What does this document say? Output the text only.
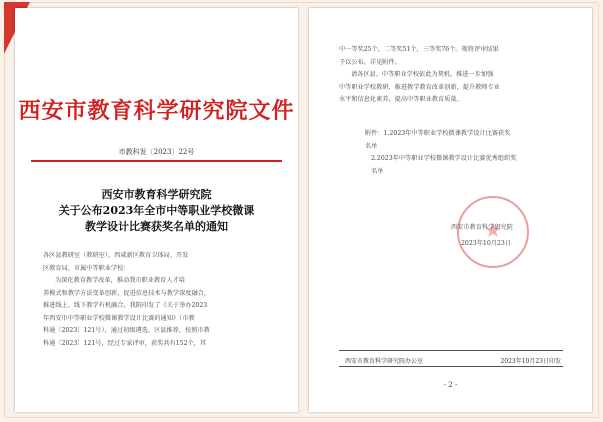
西安市教育科学研究院文件
市教科发〔2023〕22号
西安市教育科学研究院
关于公布2023年全市中等职业学校微课
教学设计比赛获奖名单的通知
各区县教研室（教研室），西咸新区教育卫体局、开发
区教育局、市属中等职业学校：
为深化教育教学改革，推动我市职业教育人才培
养模式和教学方法变革创新，促进信息技术与教学深度融合，
推进线上、线下教学有机融合，我院印发了《关于举办2023
年西安市中等职业学校微课教学设计比赛的通知》（市教
科通〔2023〕121号），通过初级遴选、区县推荐，按照市教
科通〔2023〕121号，经过专家评审，获奖共有152个，其
中一等奖25个，二等奖51个，三等奖76个。现将评审结果
予以公布，详见附件。
请各区县、中等职业学校依此为契机，推进一步加强
中等职业学校教研，推进教学教育改革创新，提升教师专业
水平和信息化素养，提高中等职业教育质量。
附件：1.2023年中等职业学校微课教学设计比赛获奖
名单
2.2023年中等职业学校微课教学设计比赛优秀组织奖
名单
★
西安市教育科学研究院
2023年10月23日
西安市教育科学研究院办公室	2023年10月23日印发
- 2 -
